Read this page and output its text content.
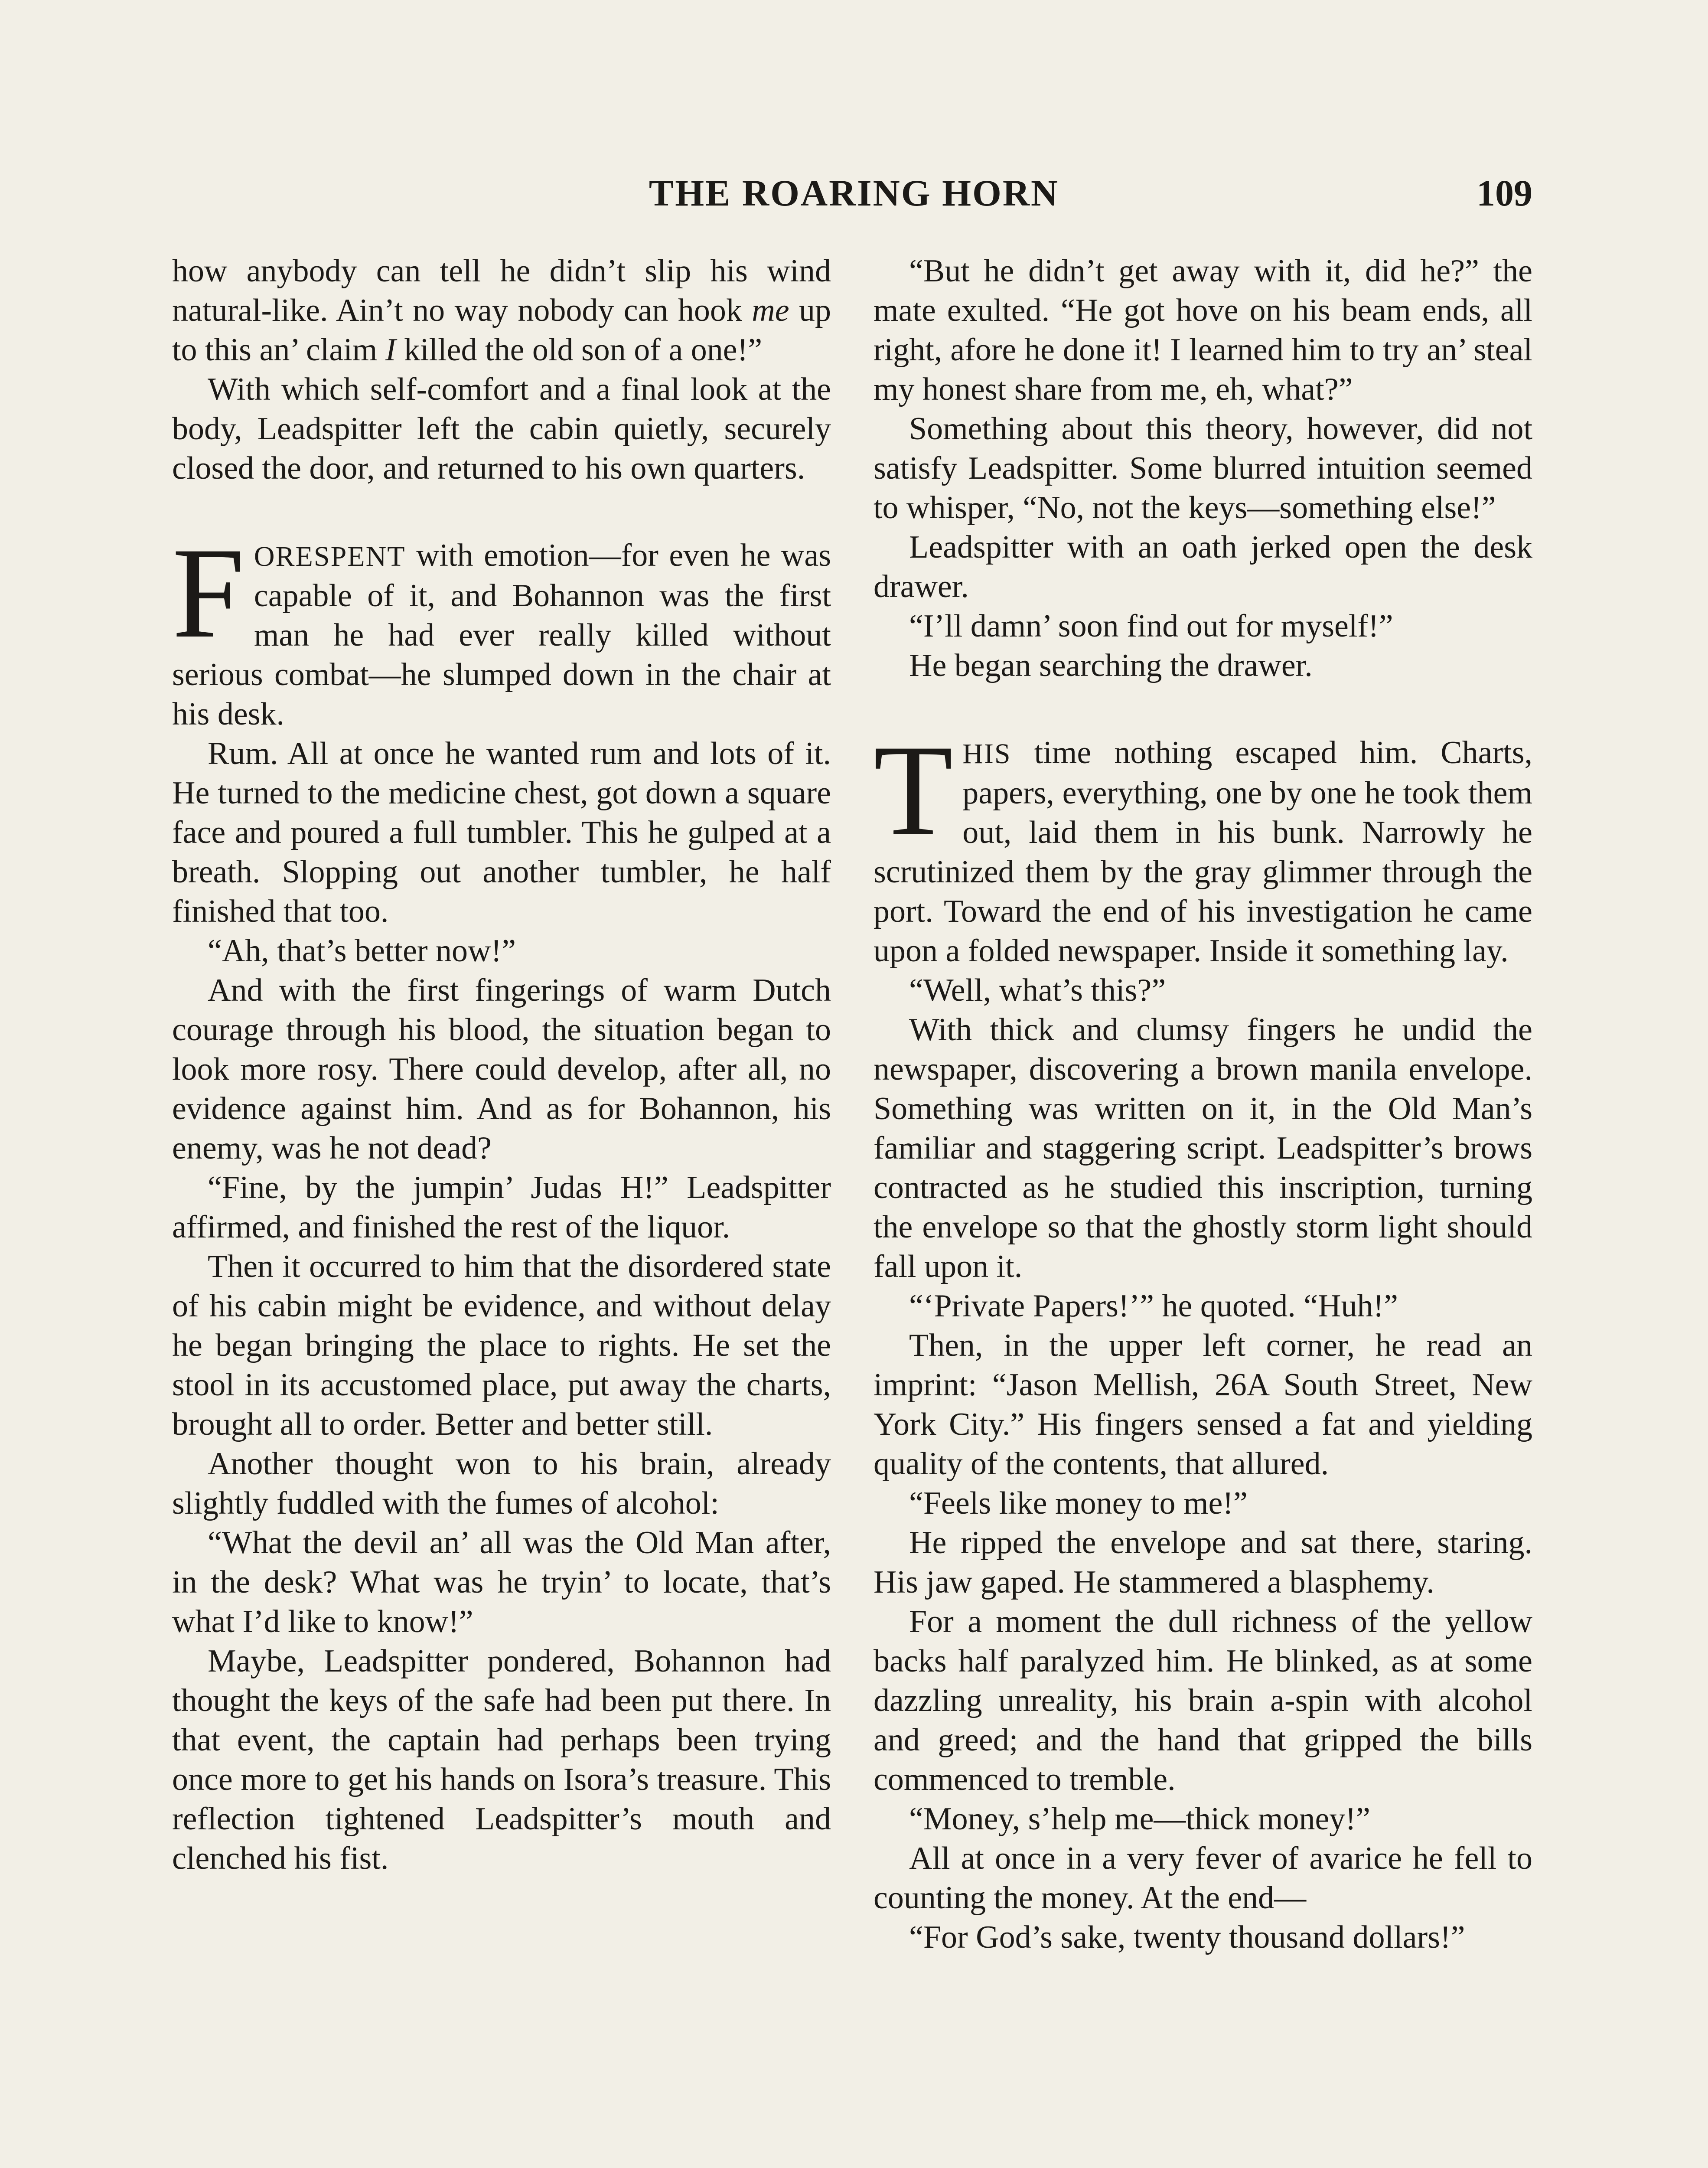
THE ROARING HORN	109

how anybody can tell he didn’t slip his wind natural-like. Ain’t no way nobody can hook me up to this an’ claim I killed the old son of a one!”

With which self-comfort and a final look at the body, Leadspitter left the cabin quietly, securely closed the door, and returned to his own quarters.

FORESPENT with emotion—for even he was capable of it, and Bohannon was the first man he had ever really killed without serious combat—he slumped down in the chair at his desk.

Rum. All at once he wanted rum and lots of it. He turned to the medicine chest, got down a square face and poured a full tumbler. This he gulped at a breath. Slopping out another tumbler, he half finished that too.

“Ah, that’s better now!”

And with the first fingerings of warm Dutch courage through his blood, the situation began to look more rosy. There could develop, after all, no evidence against him. And as for Bohannon, his enemy, was he not dead?

“Fine, by the jumpin’ Judas H!” Leadspitter affirmed, and finished the rest of the liquor.

Then it occurred to him that the disordered state of his cabin might be evidence, and without delay he began bringing the place to rights. He set the stool in its accustomed place, put away the charts, brought all to order. Better and better still.

Another thought won to his brain, already slightly fuddled with the fumes of alcohol:

“What the devil an’ all was the Old Man after, in the desk? What was he tryin’ to locate, that’s what I’d like to know!”

Maybe, Leadspitter pondered, Bohannon had thought the keys of the safe had been put there. In that event, the captain had perhaps been trying once more to get his hands on Isora’s treasure. This reflection tightened Leadspitter’s mouth and clenched his fist.

“But he didn’t get away with it, did he?” the mate exulted. “He got hove on his beam ends, all right, afore he done it! I learned him to try an’ steal my honest share from me, eh, what?”

Something about this theory, however, did not satisfy Leadspitter. Some blurred intuition seemed to whisper, “No, not the keys—something else!”

Leadspitter with an oath jerked open the desk drawer.

“I’ll damn’ soon find out for myself!”

He began searching the drawer.

THIS time nothing escaped him. Charts, papers, everything, one by one he took them out, laid them in his bunk. Narrowly he scrutinized them by the gray glimmer through the port. Toward the end of his investigation he came upon a folded newspaper. Inside it something lay.

“Well, what’s this?”

With thick and clumsy fingers he undid the newspaper, discovering a brown manila envelope. Something was written on it, in the Old Man’s familiar and staggering script. Leadspitter’s brows contracted as he studied this inscription, turning the envelope so that the ghostly storm light should fall upon it.

“‘Private Papers!’” he quoted. “Huh!”

Then, in the upper left corner, he read an imprint: “Jason Mellish, 26A South Street, New York City.” His fingers sensed a fat and yielding quality of the contents, that allured.

“Feels like money to me!”

He ripped the envelope and sat there, staring. His jaw gaped. He stammered a blasphemy.

For a moment the dull richness of the yellow backs half paralyzed him. He blinked, as at some dazzling unreality, his brain a-spin with alcohol and greed; and the hand that gripped the bills commenced to tremble.

“Money, s’help me—thick money!”

All at once in a very fever of avarice he fell to counting the money. At the end—

“For God’s sake, twenty thousand dollars!”
